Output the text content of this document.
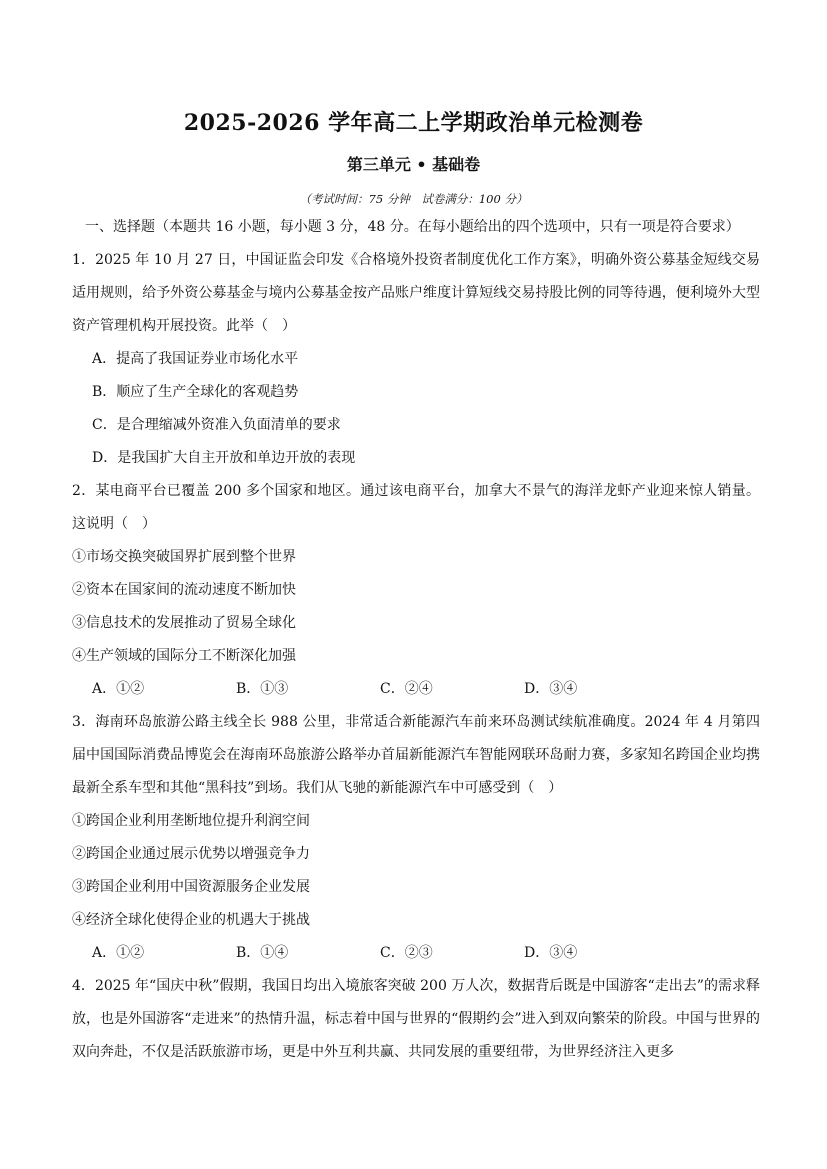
2025-2026 学年高二上学期政治单元检测卷
第三单元 • 基础卷
（考试时间：75 分钟　试卷满分：100 分）
一、选择题（本题共 16 小题，每小题 3 分，48 分。在每小题给出的四个选项中，只有一项是符合要求）
1．2025 年 10 月 27 日，中国证监会印发《合格境外投资者制度优化工作方案》，明确外资公募基金短线交易适用规则，给予外资公募基金与境内公募基金按产品账户维度计算短线交易持股比例的同等待遇，便利境外大型资产管理机构开展投资。此举（　）
A．提高了我国证券业市场化水平
B．顺应了生产全球化的客观趋势
C．是合理缩减外资准入负面清单的要求
D．是我国扩大自主开放和单边开放的表现
2．某电商平台已覆盖 200 多个国家和地区。通过该电商平台，加拿大不景气的海洋龙虾产业迎来惊人销量。这说明（　）
①市场交换突破国界扩展到整个世界
②资本在国家间的流动速度不断加快
③信息技术的发展推动了贸易全球化
④生产领域的国际分工不断深化加强
A．①②	B．①③	C．②④	D．③④
3．海南环岛旅游公路主线全长 988 公里，非常适合新能源汽车前来环岛测试续航准确度。2024 年 4 月第四届中国国际消费品博览会在海南环岛旅游公路举办首届新能源汽车智能网联环岛耐力赛，多家知名跨国企业均携最新全系车型和其他“黑科技”到场。我们从飞驰的新能源汽车中可感受到（　）
①跨国企业利用垄断地位提升利润空间
②跨国企业通过展示优势以增强竞争力
③跨国企业利用中国资源服务企业发展
④经济全球化使得企业的机遇大于挑战
A．①②	B．①④	C．②③	D．③④
4．2025 年“国庆中秋”假期，我国日均出入境旅客突破 200 万人次，数据背后既是中国游客“走出去”的需求释放，也是外国游客“走进来”的热情升温，标志着中国与世界的“假期约会”进入到双向繁荣的阶段。中国与世界的双向奔赴，不仅是活跃旅游市场，更是中外互利共赢、共同发展的重要纽带，为世界经济注入更多
